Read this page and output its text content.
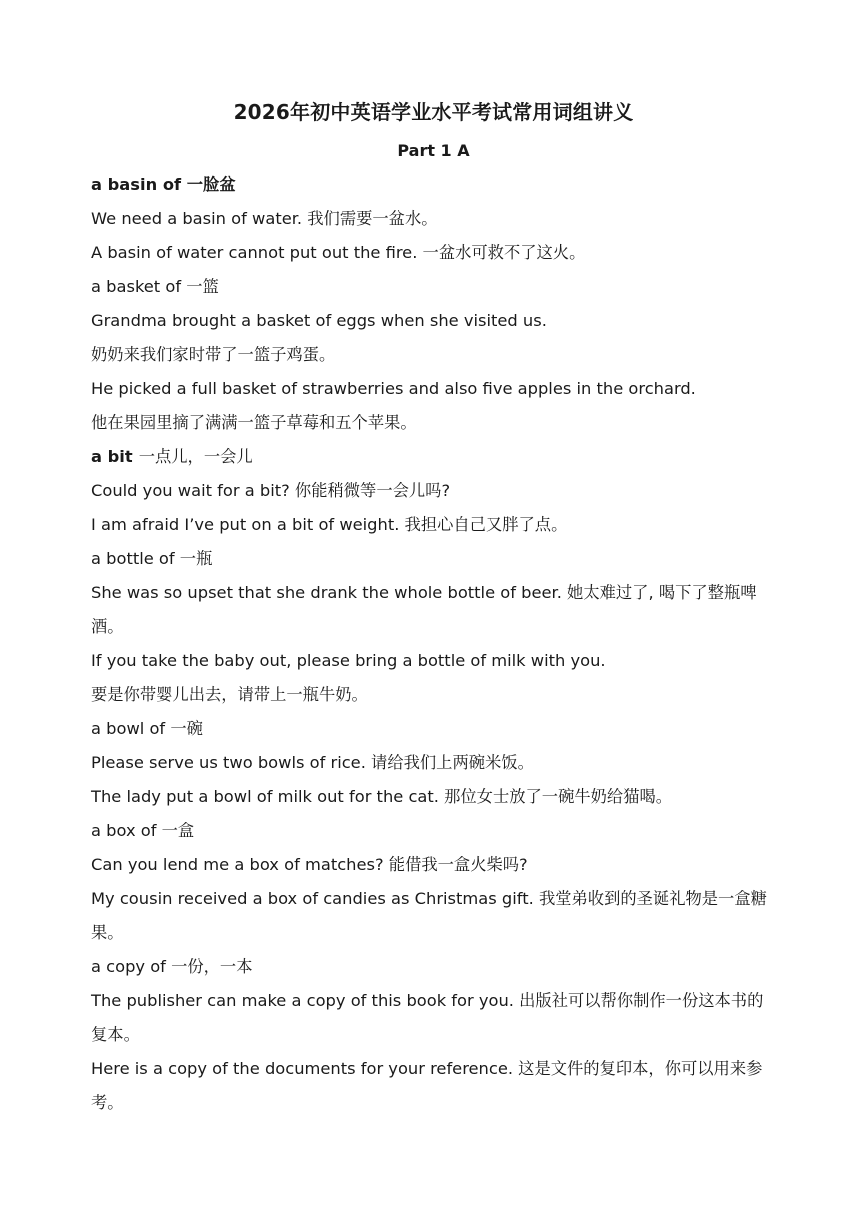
2026年初中英语学业水平考试常用词组讲义
Part 1 A

a basin of 一脸盆

We need a basin of water. 我们需要一盆水。

A basin of water cannot put out the fire. 一盆水可救不了这火。

a basket of 一篮

Grandma brought a basket of eggs when she visited us.

奶奶来我们家时带了一篮子鸡蛋。

He picked a full basket of strawberries and also five apples in the orchard.

他在果园里摘了满满一篮子草莓和五个苹果。

a bit 一点儿，一会儿

Could you wait for a bit? 你能稍微等一会儿吗?

I am afraid I’ve put on a bit of weight. 我担心自己又胖了点。

a bottle of 一瓶

She was so upset that she drank the whole bottle of beer. 她太难过了, 喝下了整瓶啤酒。

If you take the baby out, please bring a bottle of milk with you.

要是你带婴儿出去，请带上一瓶牛奶。

a bowl of 一碗

Please serve us two bowls of rice. 请给我们上两碗米饭。

The lady put a bowl of milk out for the cat. 那位女士放了一碗牛奶给猫喝。

a box of 一盒

Can you lend me a box of matches? 能借我一盒火柴吗?

My cousin received a box of candies as Christmas gift. 我堂弟收到的圣诞礼物是一盒糖果。

a copy of 一份，一本

The publisher can make a copy of this book for you. 出版社可以帮你制作一份这本书的复本。

Here is a copy of the documents for your reference. 这是文件的复印本，你可以用来参考。
